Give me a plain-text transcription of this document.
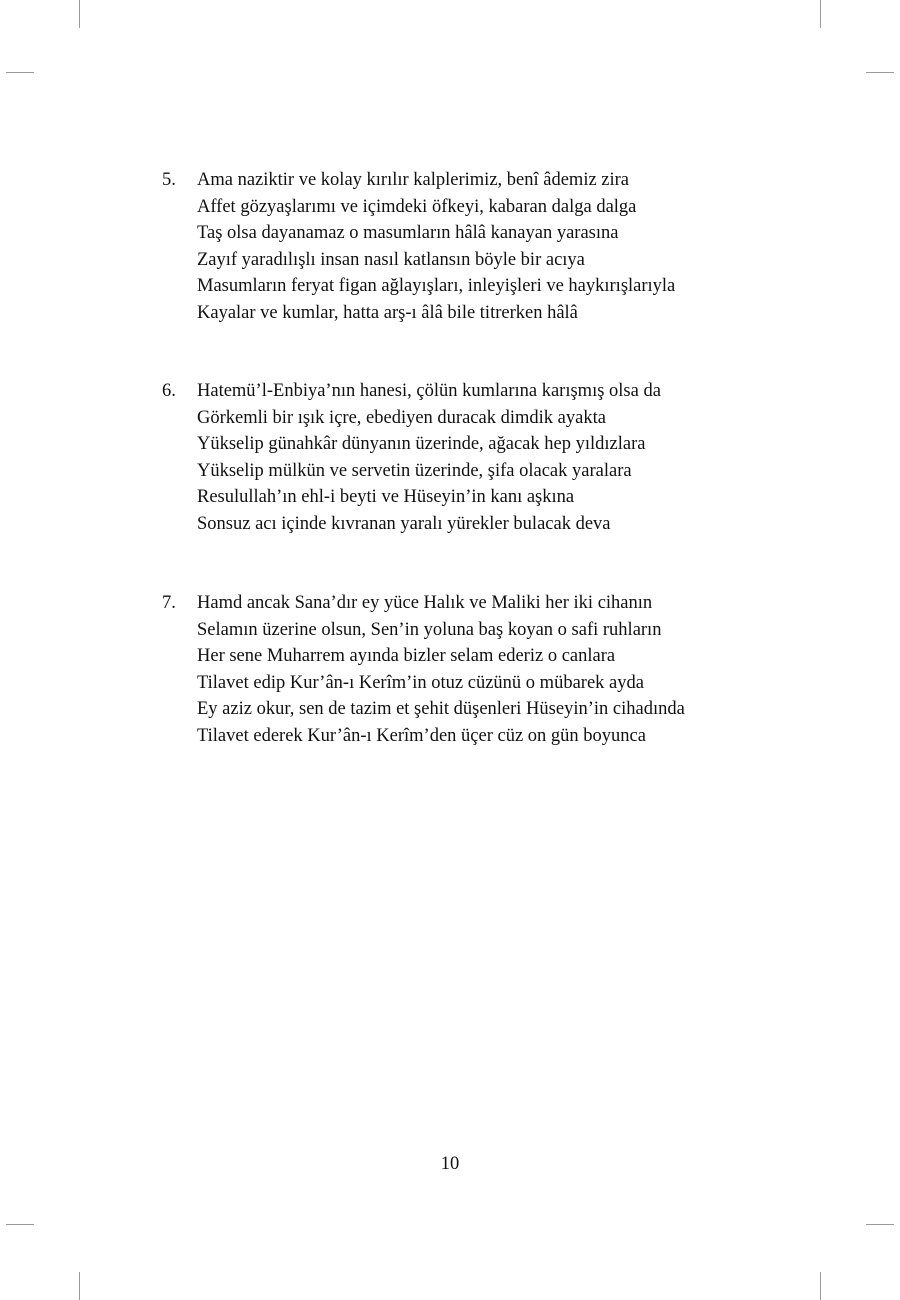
5. Ama naziktir ve kolay kırılır kalplerimiz, benî âdemiz zira
Affet gözyaşlarımı ve içimdeki öfkeyi, kabaran dalga dalga
Taş olsa dayanamaz o masumların hâlâ kanayan yarasına
Zayıf yaradılışlı insan nasıl katlansın böyle bir acıya
Masumların feryat figan ağlayışları, inleyişleri ve haykırışlarıyla
Kayalar ve kumlar, hatta arş-ı âlâ bile titrerken hâlâ
6. Hatemü’l-Enbiya’nın hanesi, çölün kumlarına karışmış olsa da
Görkemli bir ışık içre, ebediyen duracak dimdik ayakta
Yükselip günahkâr dünyanın üzerinde, ağacak hep yıldızlara
Yükselip mülkün ve servetin üzerinde, şifa olacak yaralara
Resulullah’ın ehl-i beyti ve Hüseyin’in kanı aşkına
Sonsuz acı içinde kıvranan yaralı yürekler bulacak deva
7. Hamd ancak Sana’dır ey yüce Halık ve Maliki her iki cihanın
Selamın üzerine olsun, Sen’in yoluna baş koyan o safi ruhların
Her sene Muharrem ayında bizler selam ederiz o canlara
Tilavet edip Kur’ân-ı Kerîm’in otuz cüzünü o mübarek ayda
Ey aziz okur, sen de tazim et şehit düşenleri Hüseyin’in cihadında
Tilavet ederek Kur’ân-ı Kerîm’den üçer cüz on gün boyunca
10
